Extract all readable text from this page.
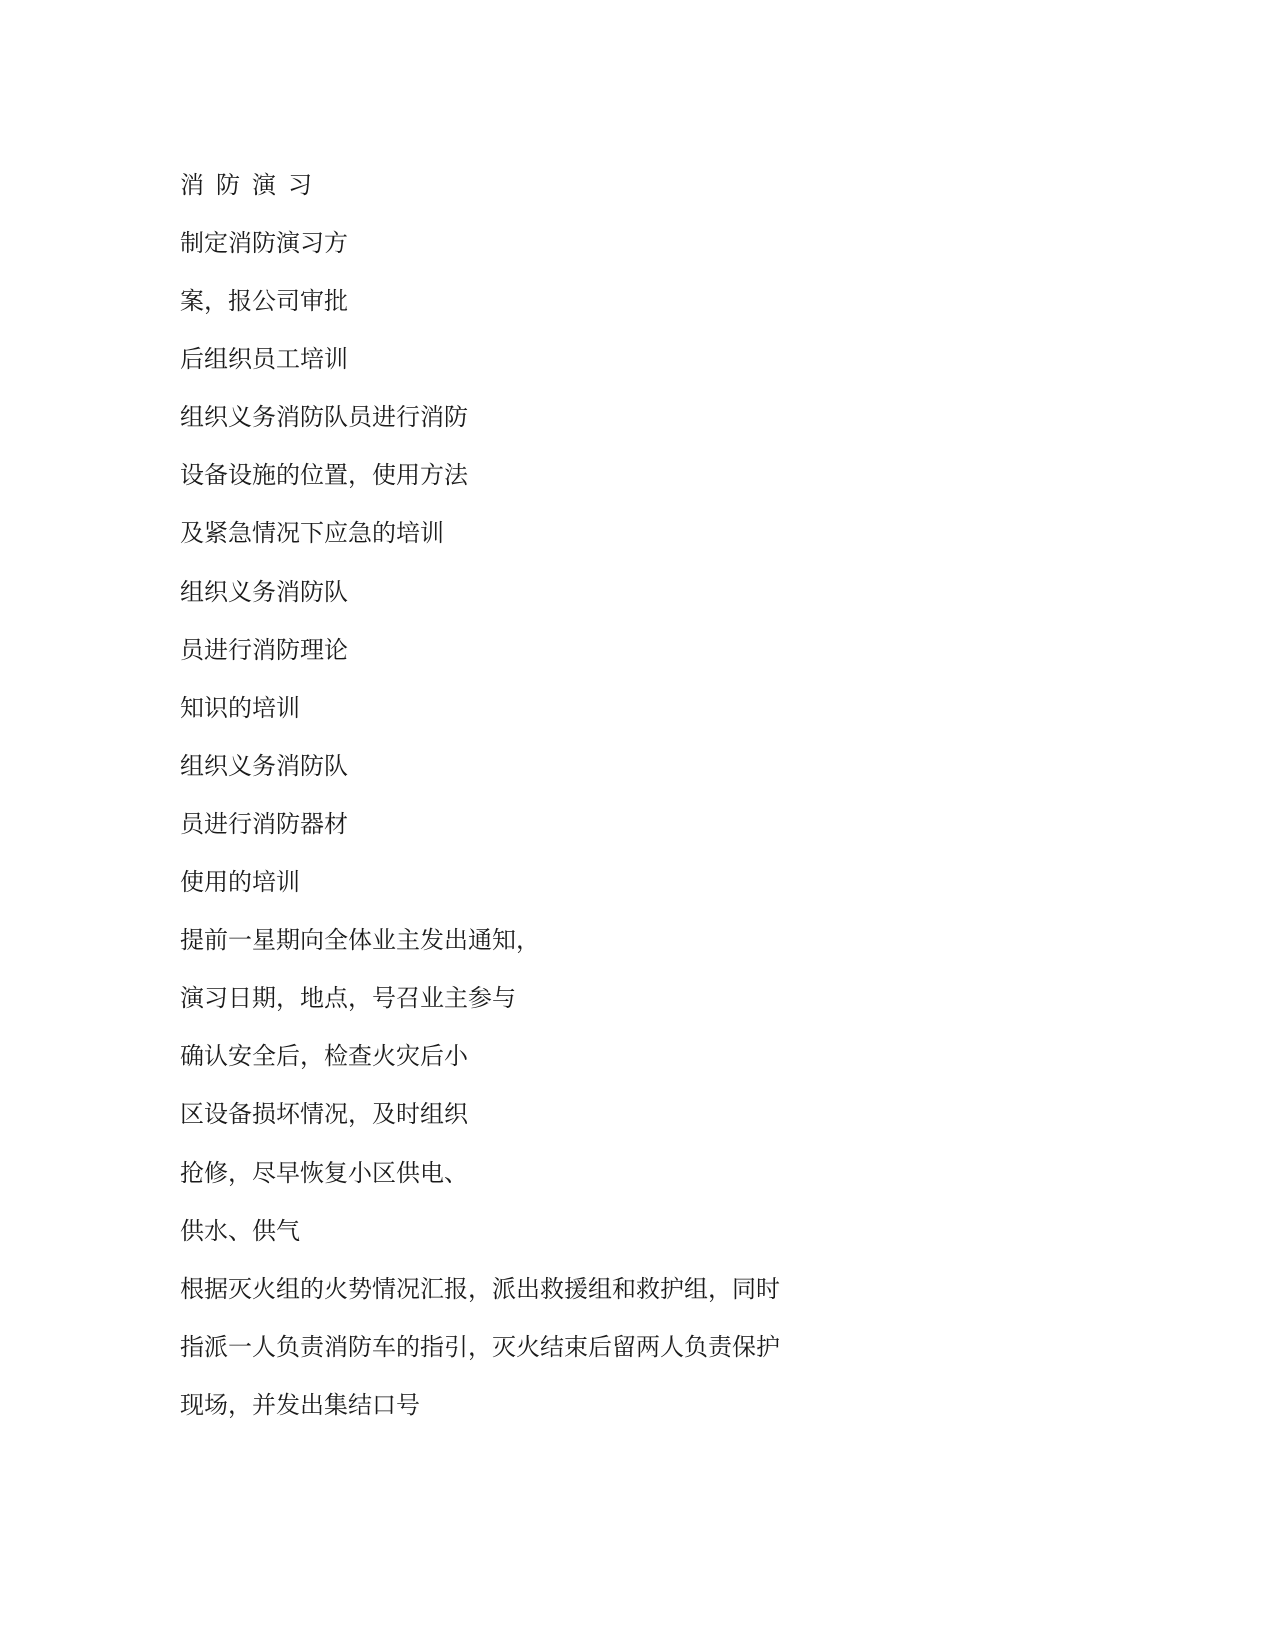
消防演习

制定消防演习方

案，报公司审批

后组织员工培训

组织义务消防队员进行消防

设备设施的位置，使用方法

及紧急情况下应急的培训

组织义务消防队

员进行消防理论

知识的培训

组织义务消防队

员进行消防器材

使用的培训

提前一星期向全体业主发出通知，

演习日期，地点，号召业主参与

确认安全后，检查火灾后小

区设备损坏情况，及时组织

抢修，尽早恢复小区供电、

供水、供气

根据灭火组的火势情况汇报，派出救援组和救护组，同时

指派一人负责消防车的指引，灭火结束后留两人负责保护

现场，并发出集结口号
